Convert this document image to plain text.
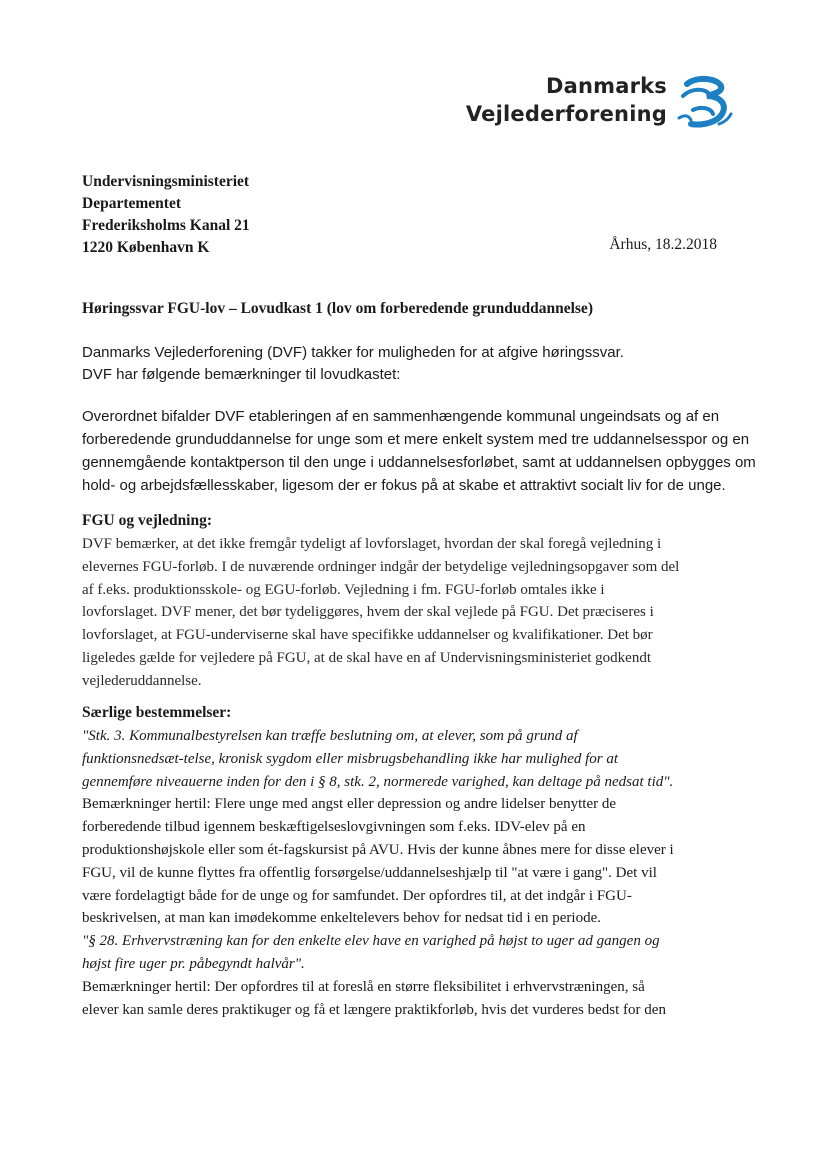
Danmarks
Vejlederforening
Undervisningsministeriet
Departementet
Frederiksholms Kanal 21
1220 København K	Århus, 18.2.2018
Høringssvar FGU-lov – Lovudkast 1 (lov om forberedende grunduddannelse)
Danmarks Vejlederforening (DVF) takker for muligheden for at afgive høringssvar.
DVF har følgende bemærkninger til lovudkastet:
Overordnet bifalder DVF etableringen af en sammenhængende kommunal ungeindsats og af en
forberedende grunduddannelse for unge som et mere enkelt system med tre uddannelsesspor og en
gennemgående kontaktperson til den unge i uddannelsesforløbet, samt at uddannelsen opbygges om
hold- og arbejdsfællesskaber, ligesom der er fokus på at skabe et attraktivt socialt liv for de unge.
FGU og vejledning:
DVF bemærker, at det ikke fremgår tydeligt af lovforslaget, hvordan der skal foregå vejledning i
elevernes FGU-forløb. I de nuværende ordninger indgår der betydelige vejledningsopgaver som del
af f.eks. produktionsskole- og EGU-forløb. Vejledning i fm. FGU-forløb omtales ikke i
lovforslaget. DVF mener, det bør tydeliggøres, hvem der skal vejlede på FGU. Det præciseres i
lovforslaget, at FGU-underviserne skal have specifikke uddannelser og kvalifikationer. Det bør
ligeledes gælde for vejledere på FGU, at de skal have en af Undervisningsministeriet godkendt
vejlederuddannelse.
Særlige bestemmelser:
"Stk. 3. Kommunalbestyrelsen kan træffe beslutning om, at elever, som på grund af
funktionsnedsæt-telse, kronisk sygdom eller misbrugsbehandling ikke har mulighed for at
gennemføre niveauerne inden for den i § 8, stk. 2, normerede varighed, kan deltage på nedsat tid".
Bemærkninger hertil: Flere unge med angst eller depression og andre lidelser benytter de
forberedende tilbud igennem beskæftigelseslovgivningen som f.eks. IDV-elev på en
produktionshøjskole eller som ét-fagskursist på AVU. Hvis der kunne åbnes mere for disse elever i
FGU, vil de kunne flyttes fra offentlig forsørgelse/uddannelseshjælp til "at være i gang". Det vil
være fordelagtigt både for de unge og for samfundet. Der opfordres til, at det indgår i FGU-
beskrivelsen, at man kan imødekomme enkeltelevers behov for nedsat tid i en periode.
"§ 28. Erhvervstræning kan for den enkelte elev have en varighed på højst to uger ad gangen og
højst fire uger pr. påbegyndt halvår".
Bemærkninger hertil: Der opfordres til at foreslå en større fleksibilitet i erhvervstræningen, så
elever kan samle deres praktikuger og få et længere praktikforløb, hvis det vurderes bedst for den
